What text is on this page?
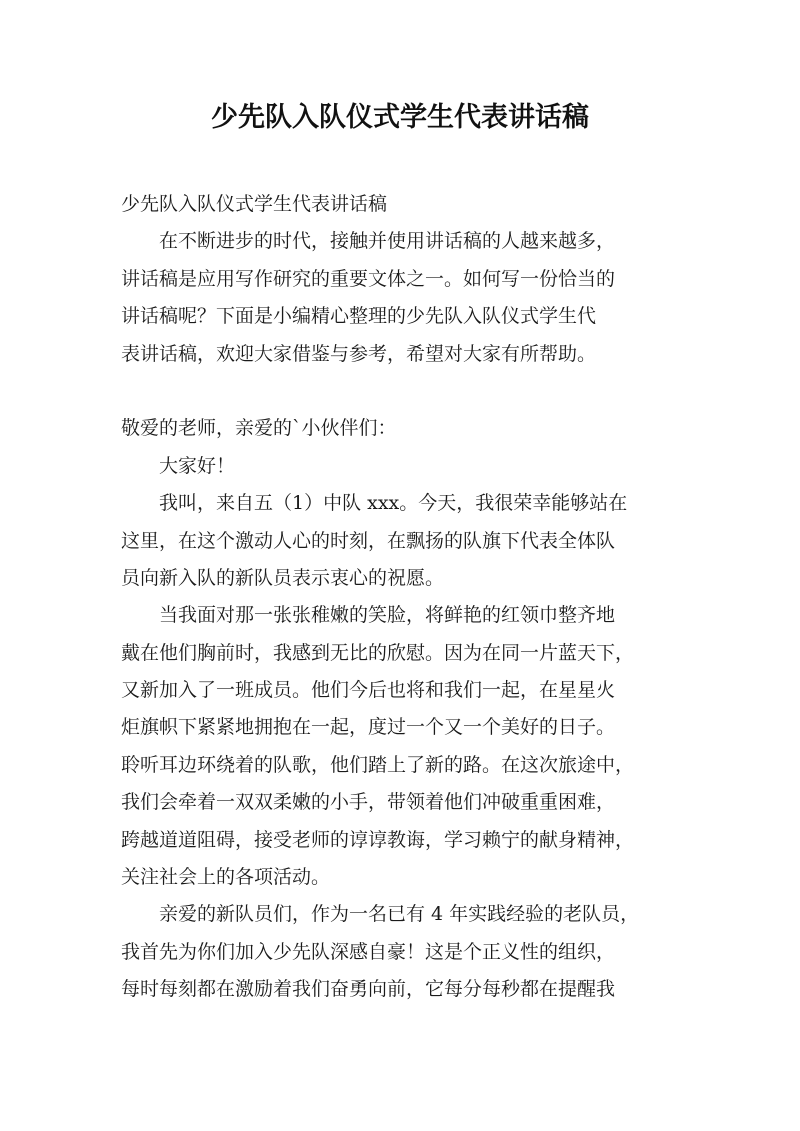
少先队入队仪式学生代表讲话稿
少先队入队仪式学生代表讲话稿
　　在不断进步的时代，接触并使用讲话稿的人越来越多，
讲话稿是应用写作研究的重要文体之一。如何写一份恰当的
讲话稿呢？下面是小编精心整理的少先队入队仪式学生代
表讲话稿，欢迎大家借鉴与参考，希望对大家有所帮助。
敬爱的老师，亲爱的`小伙伴们：
　　大家好！
　　我叫，来自五（1）中队 xxx。今天，我很荣幸能够站在
这里，在这个激动人心的时刻，在飘扬的队旗下代表全体队
员向新入队的新队员表示衷心的祝愿。
　　当我面对那一张张稚嫩的笑脸，将鲜艳的红领巾整齐地
戴在他们胸前时，我感到无比的欣慰。因为在同一片蓝天下，
又新加入了一班成员。他们今后也将和我们一起，在星星火
炬旗帜下紧紧地拥抱在一起，度过一个又一个美好的日子。
聆听耳边环绕着的队歌，他们踏上了新的路。在这次旅途中，
我们会牵着一双双柔嫩的小手，带领着他们冲破重重困难，
跨越道道阻碍，接受老师的谆谆教诲，学习赖宁的献身精神，
关注社会上的各项活动。
　　亲爱的新队员们，作为一名已有 4 年实践经验的老队员，
我首先为你们加入少先队深感自豪！这是个正义性的组织，
每时每刻都在激励着我们奋勇向前，它每分每秒都在提醒我
